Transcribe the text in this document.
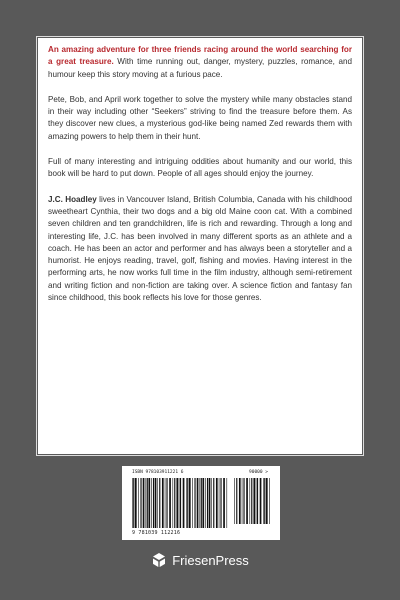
An amazing adventure for three friends racing around the world searching for a great treasure. With time running out, danger, mystery, puzzles, romance, and humour keep this story moving at a furious pace.

Pete, Bob, and April work together to solve the mystery while many obstacles stand in their way including other “Seekers” striving to find the treasure before them. As they discover new clues, a mysterious god-like being named Zed rewards them with amazing powers to help them in their hunt.

Full of many interesting and intriguing oddities about humanity and our world, this book will be hard to put down. People of all ages should enjoy the journey.

J.C. Hoadley lives in Vancouver Island, British Columbia, Canada with his childhood sweetheart Cynthia, their two dogs and a big old Maine coon cat. With a combined seven children and ten grandchildren, life is rich and rewarding. Through a long and interesting life, J.C. has been involved in many different sports as an athlete and a coach. He has been an actor and performer and has always been a storyteller and a humorist. He enjoys reading, travel, golf, fishing and movies. Having interest in the performing arts, he now works full time in the film industry, although semi-retirement and writing fiction and non-fiction are taking over. A science fiction and fantasy fan since childhood, this book reflects his love for those genres.

ISBN 978103911221 6	90000 >
9 781039 112216
FriesenPress
